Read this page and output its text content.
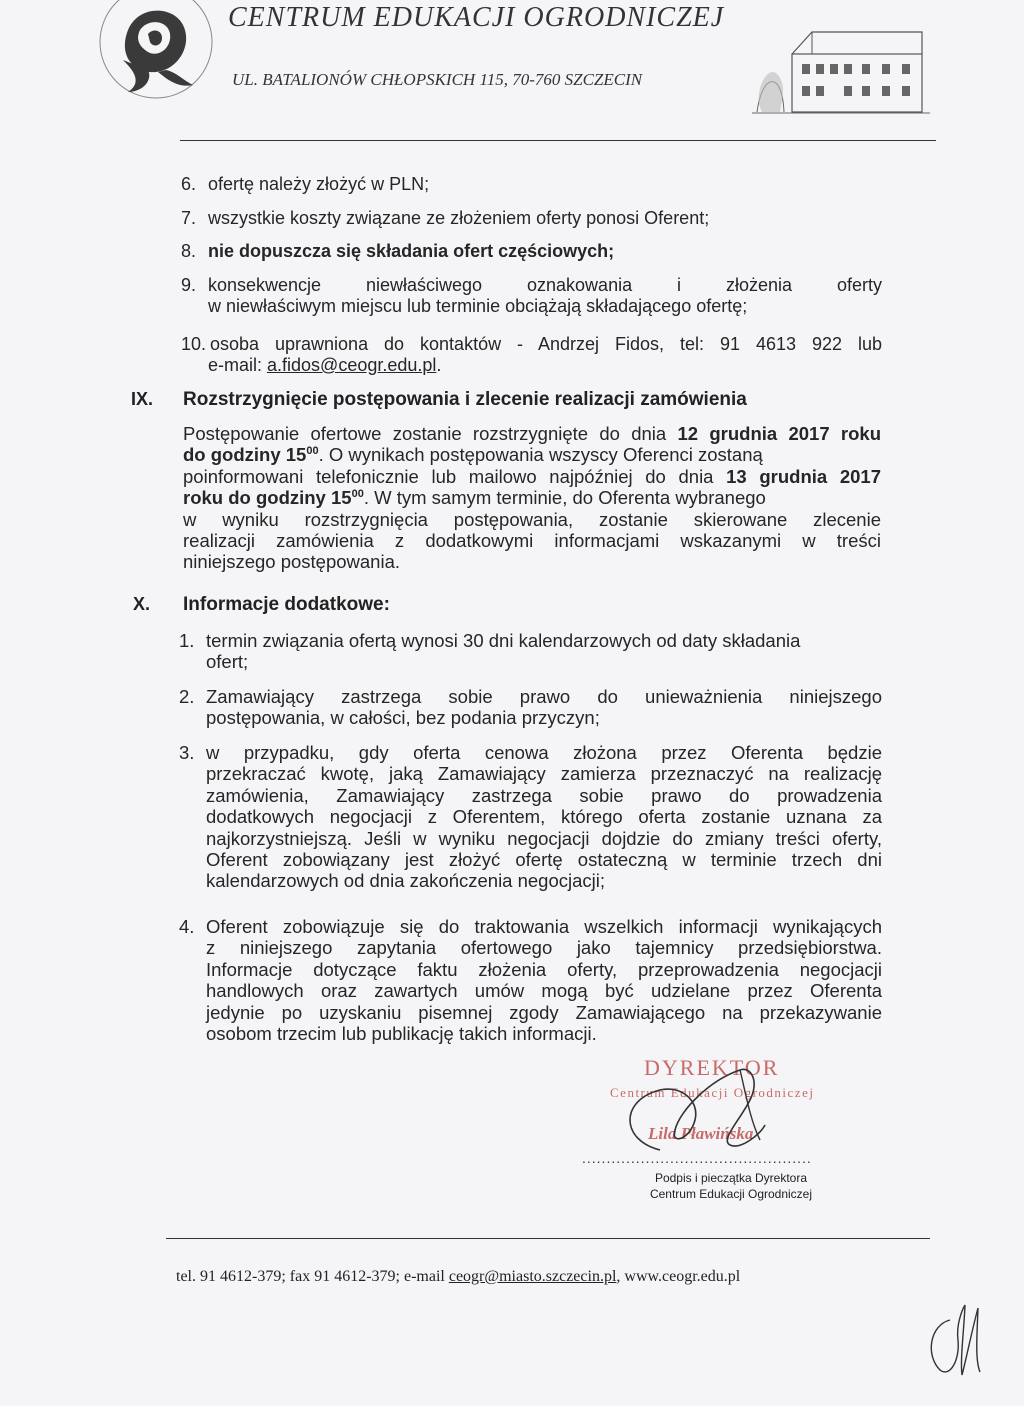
CENTRUM EDUKACJI OGRODNICZEJ
UL. BATALIONÓW CHŁOPSKICH 115, 70-760 SZCZECIN
6. ofertę należy złożyć w PLN;
7. wszystkie koszty związane ze złożeniem oferty ponosi Oferent;
8. nie dopuszcza się składania ofert częściowych;
9. konsekwencje niewłaściwego oznakowania i złożenia oferty
w niewłaściwym miejscu lub terminie obciążają składającego ofertę;
10. osoba uprawniona do kontaktów - Andrzej Fidos, tel: 91 4613 922 lub
e-mail: a.fidos@ceogr.edu.pl.
IX. Rozstrzygnięcie postępowania i zlecenie realizacji zamówienia
Postępowanie ofertowe zostanie rozstrzygnięte do dnia 12 grudnia 2017 roku
do godziny $15^{00}$. O wynikach postępowania wszyscy Oferenci zostaną
poinformowani telefonicznie lub mailowo najpóźniej do dnia 13 grudnia 2017
roku do godziny $15^{00}$. W tym samym terminie, do Oferenta wybranego
w wyniku rozstrzygnięcia postępowania, zostanie skierowane zlecenie
realizacji zamówienia z dodatkowymi informacjami wskazanymi w treści
niniejszego postępowania.
X. Informacje dodatkowe:
1. termin związania ofertą wynosi 30 dni kalendarzowych od daty składania
ofert;
2. Zamawiający zastrzega sobie prawo do unieważnienia niniejszego
postępowania, w całości, bez podania przyczyn;
3. w przypadku, gdy oferta cenowa złożona przez Oferenta będzie
przekraczać kwotę, jaką Zamawiający zamierza przeznaczyć na realizację
zamówienia, Zamawiający zastrzega sobie prawo do prowadzenia
dodatkowych negocjacji z Oferentem, którego oferta zostanie uznana za
najkorzystniejszą. Jeśli w wyniku negocjacji dojdzie do zmiany treści oferty,
Oferent zobowiązany jest złożyć ofertę ostateczną w terminie trzech dni
kalendarzowych od dnia zakończenia negocjacji;
4. Oferent zobowiązuje się do traktowania wszelkich informacji wynikających
z niniejszego zapytania ofertowego jako tajemnicy przedsiębiorstwa.
Informacje dotyczące faktu złożenia oferty, przeprowadzenia negocjacji
handlowych oraz zawartych umów mogą być udzielane przez Oferenta
jedynie po uzyskaniu pisemnej zgody Zamawiającego na przekazywanie
osobom trzecim lub publikację takich informacji.
DYREKTOR
Centrum Edukacji Ogrodniczej
Lila Pławińska
...............................................
Podpis i pieczątka Dyrektora
Centrum Edukacji Ogrodniczej
tel. 91 4612-379; fax 91 4612-379; e-mail ceogr@miasto.szczecin.pl, www.ceogr.edu.pl
